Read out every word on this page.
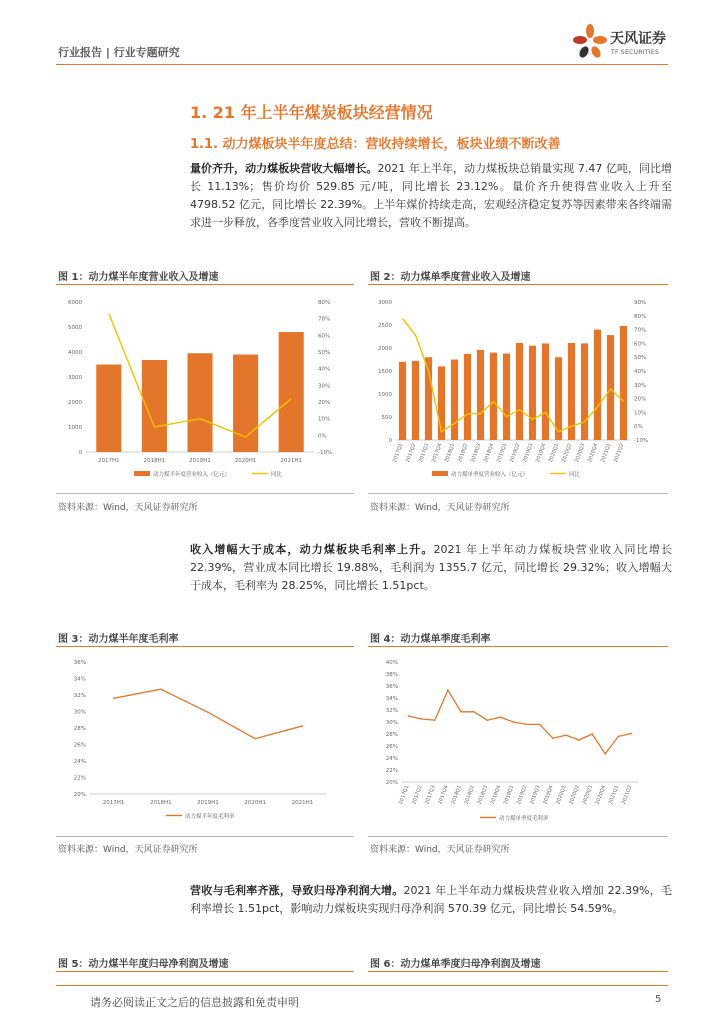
行业报告 | 行业专题研究
天风证券
TF SECURITIES
1. 21 年上半年煤炭板块经营情况
1.1. 动力煤板块半年度总结：营收持续增长，板块业绩不断改善
量价齐升，动力煤板块营收大幅增长。2021 年上半年，动力煤板块总销量实现 7.47 亿吨，同比增长 11.13%；售价均价 529.85 元/吨，同比增长 23.12%。量价齐升使得营业收入上升至 4798.52 亿元，同比增长 22.39%。上半年煤价持续走高，宏观经济稳定复苏等因素带来各终端需求进一步释放，各季度营业收入同比增长，营收不断提高。
图 1：动力煤半年度营业收入及增速	图 2：动力煤单季度营业收入及增速
0
1000
2000
3000
4000
5000
6000
-10%
0%
10%
20%
30%
40%
50%
60%
70%
80%
2017H1	2018H1	2019H1	2020H1	2021H1
动力煤半年度营业收入（亿元）	同比
0
500
1000
1500
2000
2500
3000
-10%
0%
10%
20%
30%
40%
50%
60%
70%
80%
90%
2017Q1 2017Q2 2017Q3 2017Q4 2018Q1 2018Q2 2018Q3 2018Q4 2019Q1 2019Q2 2019Q3 2019Q4 2020Q1 2020Q2 2020Q3 2020Q4 2021Q1 2021Q2
动力煤单季度营业收入（亿元）	同比
资料来源：Wind，天风证券研究所	资料来源：Wind，天风证券研究所
收入增幅大于成本，动力煤板块毛利率上升。2021 年上半年动力煤板块营业收入同比增长 22.39%，营业成本同比增长 19.88%，毛利润为 1355.7 亿元，同比增长 29.32%；收入增幅大于成本，毛利率为 28.25%，同比增长 1.51pct。
图 3：动力煤半年度毛利率	图 4：动力煤单季度毛利率
20%
22%
24%
26%
28%
30%
32%
34%
36%
2017H1	2018H1	2019H1	2020H1	2021H1
动力煤半年度毛利率
20%
22%
24%
26%
28%
30%
32%
34%
36%
38%
40%
2017Q1 2017Q2 2017Q3 2017Q4 2018Q1 2018Q2 2018Q3 2018Q4 2019Q1 2019Q2 2019Q3 2019Q4 2020Q1 2020Q2 2020Q3 2020Q4 2021Q1 2021Q2
动力煤单季度毛利率
资料来源：Wind，天风证券研究所	资料来源：Wind，天风证券研究所
营收与毛利率齐涨，导致归母净利润大增。2021 年上半年动力煤板块营业收入增加 22.39%，毛利率增长 1.51pct，影响动力煤板块实现归母净利润 570.39 亿元，同比增长 54.59%。
图 5：动力煤半年度归母净利润及增速	图 6：动力煤单季度归母净利润及增速
请务必阅读正文之后的信息披露和免责申明	5
